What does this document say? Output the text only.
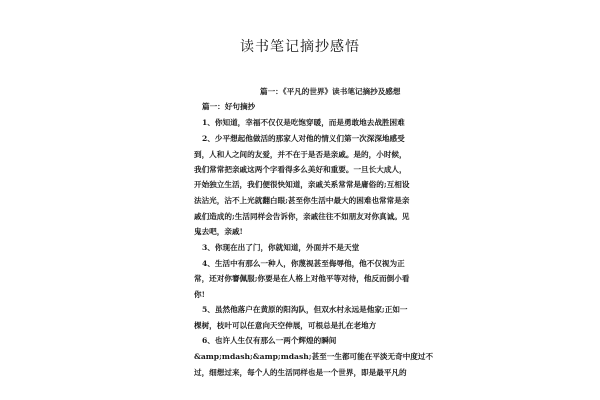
读书笔记摘抄感悟
篇一：《平凡的世界》读书笔记摘抄及感想
篇一：好句摘抄
1、你知道，幸福不仅仅是吃饱穿暖，而是勇敢地去战胜困难
2、少平想起他做活的那家人对他的情义们第一次深深地感受
到，人和人之间的友爱，并不在于是否是亲戚。是的，小时候，
我们常常把亲戚这两个字看得多么美好和重要。一旦长大成人，
开始独立生活，我们便很快知道，亲戚关系常常是庸俗的;互相设
法沾光，沾不上光就翻白眼;甚至你生活中最大的困难也常常是亲
戚们造成的;生活同样会告诉你，亲戚往往不如朋友对你真诚。见
鬼去吧，亲戚!
3、你现在出了门，你就知道，外面并不是天堂
4、生活中有那么一种人，你蔑视甚至侮辱他，他不仅视为正
常，还对你謇佩服;你要是在人格上对他平等对待，他反而倒小看
你!
5、虽然他落户在黄原的阳沟队，但双水村永远是他家;正如一
棵树，枝叶可以任意向天空伸展，可根总是扎在老地方
6、也许人生仅有那么一两个辉煌的瞬间
&amp;mdash;&amp;mdash;甚至一生都可能在平淡无奇中度过不
过，细想过来，每个人的生活同样也是一个世界，即是最平凡的
